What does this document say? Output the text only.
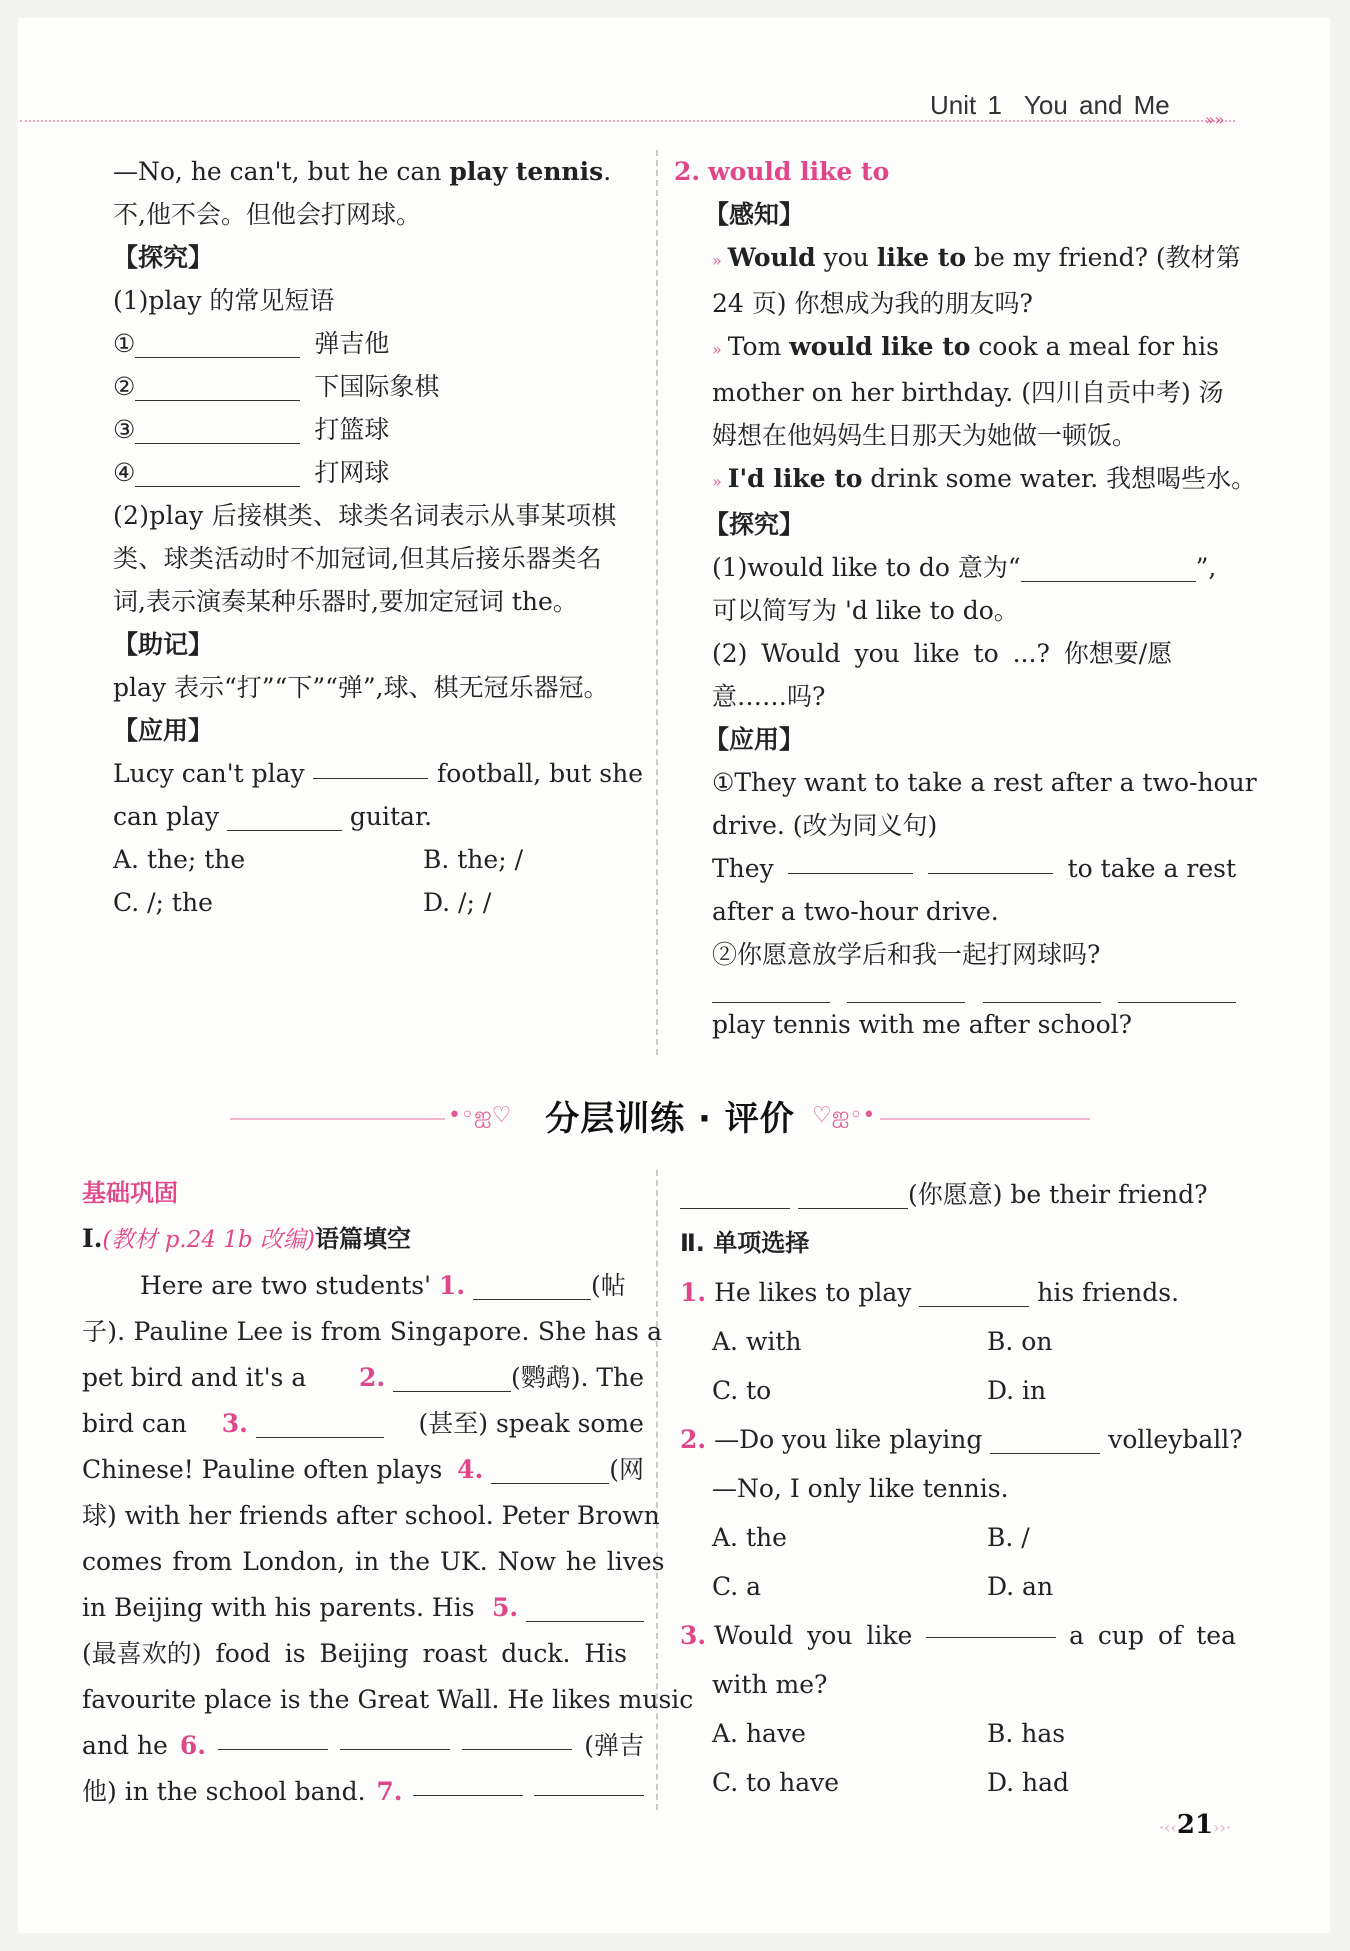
Unit 1 You and Me »»

—No, he can't, but he can play tennis.

不,他不会。但他会打网球。

【探究】

(1)play 的常见短语

①	弹吉他

②	下国际象棋

③	打篮球

④	打网球

(2)play 后接棋类、球类名词表示从事某项棋

类、球类活动时不加冠词,但其后接乐器类名

词,表示演奏某种乐器时,要加定冠词 the。

【助记】

play 表示“打”“下”“弹”,球、棋无冠乐器冠。

【应用】

Lucy can't play	football, but she

can play	guitar.

A. the; the	B. the; /

C. /; the	D. /; /

2. would like to

【感知】

» Would you like to be my friend? (教材第

24 页) 你想成为我的朋友吗?

» Tom would like to cook a meal for his

mother on her birthday. (四川自贡中考) 汤

姆想在他妈妈生日那天为她做一顿饭。

» I'd like to drink some water. 我想喝些水。

【探究】

(1)would like to do 意为“	”,

可以简写为 'd like to do。

(2) Would you like to ...? 你想要/愿

意……吗?

【应用】

①They want to take a rest after a two-hour

drive. (改为同义句)

They	to take a rest

after a two-hour drive.

②你愿意放学后和我一起打网球吗?

play tennis with me after school?

•◦ஐ♡ 分层训练 · 评价 ♡ஐ◦•

基础巩固

Ⅰ.(教材 p.24 1b 改编)语篇填空

Here are two students' 1.	(帖

子). Pauline Lee is from Singapore. She has a

pet bird and it's a 2.	(鹦鹉). The

bird can 3.	(甚至) speak some

Chinese! Pauline often plays 4.	(网

球) with her friends after school. Peter Brown

comes from London, in the UK. Now he lives

in Beijing with his parents. His 5.

(最喜欢的) food is Beijing roast duck. His

favourite place is the Great Wall. He likes music

and he 6.	(弹吉

他) in the school band. 7.

(你愿意) be their friend?

Ⅱ. 单项选择

1. He likes to play	his friends.

A. with	B. on

C. to	D. in

2. —Do you like playing	volleyball?

—No, I only like tennis.

A. the	B. /

C. a	D. an

3. Would you like	a cup of tea

with me?

A. have	B. has

C. to have	D. had

·‹‹21››·
